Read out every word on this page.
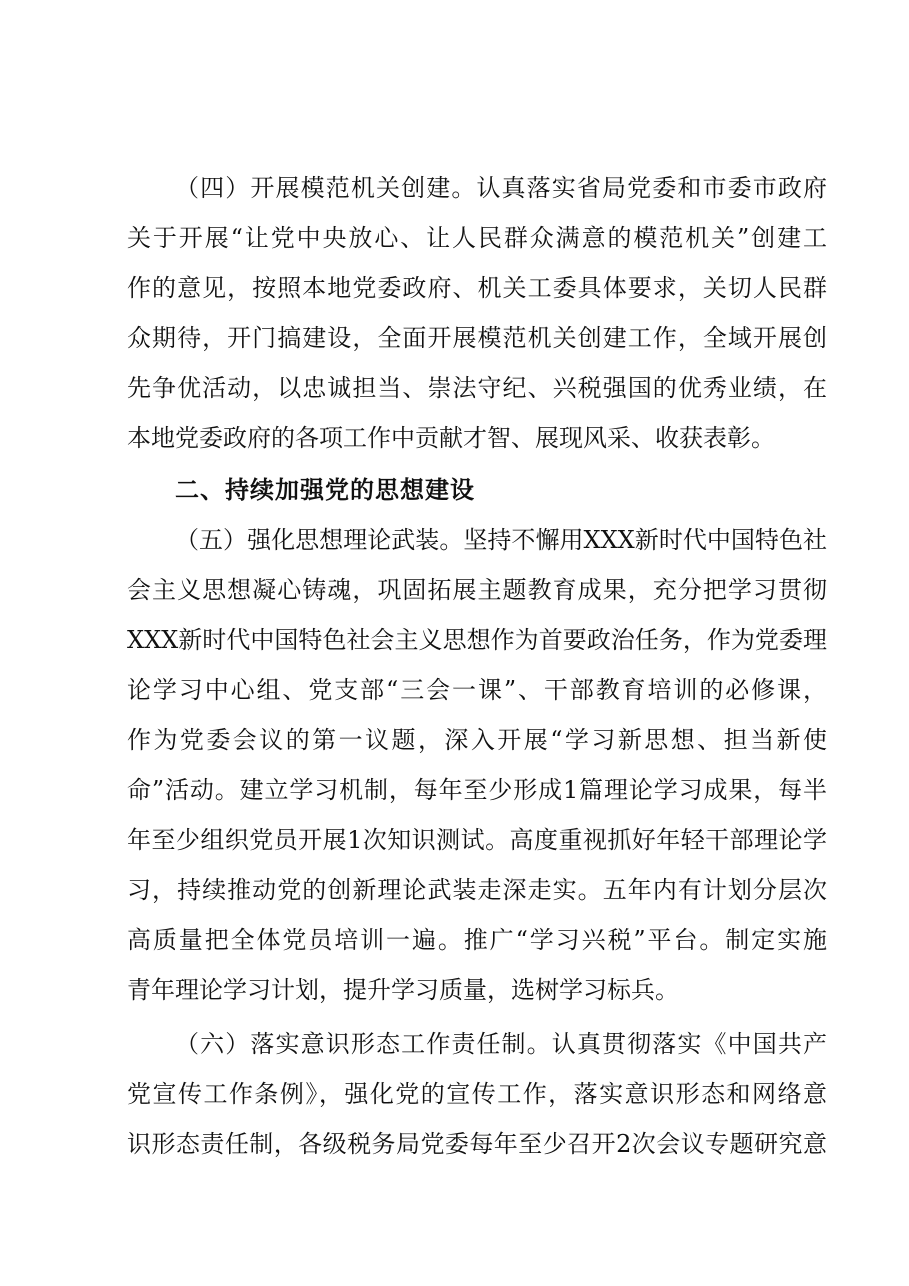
（四）开展模范机关创建。认真落实省局党委和市委市政府
关于开展“让党中央放心、让人民群众满意的模范机关”创建工
作的意见，按照本地党委政府、机关工委具体要求，关切人民群
众期待，开门搞建设，全面开展模范机关创建工作，全域开展创
先争优活动，以忠诚担当、崇法守纪、兴税强国的优秀业绩，在
本地党委政府的各项工作中贡献才智、展现风采、收获表彰。
二、持续加强党的思想建设
（五）强化思想理论武装。坚持不懈用XXX新时代中国特色社
会主义思想凝心铸魂，巩固拓展主题教育成果，充分把学习贯彻
XXX新时代中国特色社会主义思想作为首要政治任务，作为党委理
论学习中心组、党支部“三会一课”、干部教育培训的必修课，
作为党委会议的第一议题，深入开展“学习新思想、担当新使
命”活动。建立学习机制，每年至少形成1篇理论学习成果，每半
年至少组织党员开展1次知识测试。高度重视抓好年轻干部理论学
习，持续推动党的创新理论武装走深走实。五年内有计划分层次
高质量把全体党员培训一遍。推广“学习兴税”平台。制定实施
青年理论学习计划，提升学习质量，选树学习标兵。
（六）落实意识形态工作责任制。认真贯彻落实《中国共产
党宣传工作条例》，强化党的宣传工作，落实意识形态和网络意
识形态责任制，各级税务局党委每年至少召开2次会议专题研究意
